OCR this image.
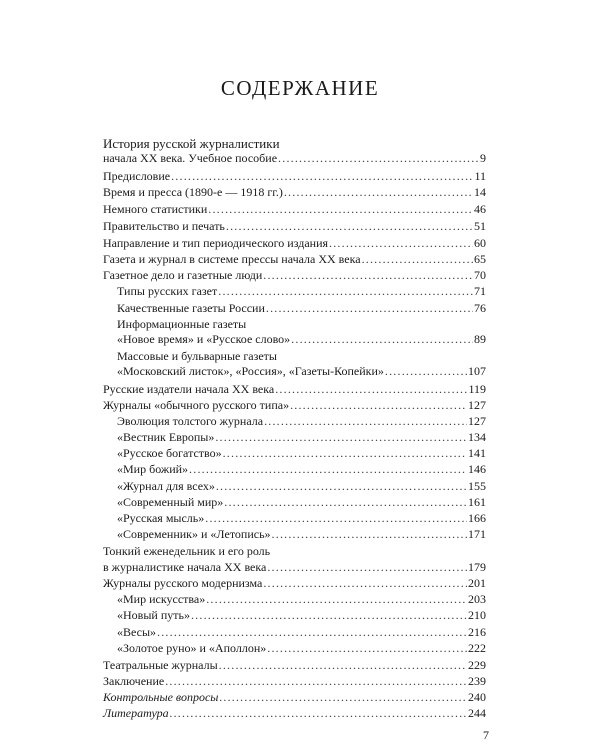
СОДЕРЖАНИЕ
История русской журналистики
начала XX века. Учебное пособие .....	9
Предисловие .....	11
Время и пресса (1890-е — 1918 гг.) .....	14
Немного статистики .....	46
Правительство и печать .....	51
Направление и тип периодического издания .....	60
Газета и журнал в системе прессы начала XX века .....	65
Газетное дело и газетные люди .....	70
Типы русских газет .....	71
Качественные газеты России .....	76
Информационные газеты
«Новое время» и «Русское слово» .....	89
Массовые и бульварные газеты
«Московский листок», «Россия», «Газеты-Копейки» .....	107
Русские издатели начала XX века .....	119
Журналы «обычного русского типа» .....	127
Эволюция толстого журнала .....	127
«Вестник Европы» .....	134
«Русское богатство» .....	141
«Мир божий» .....	146
«Журнал для всех» .....	155
«Современный мир» .....	161
«Русская мысль» .....	166
«Современник» и «Летопись» .....	171
Тонкий еженедельник и его роль
в журналистике начала XX века .....	179
Журналы русского модернизма .....	201
«Мир искусства» .....	203
«Новый путь» .....	210
«Весы» .....	216
«Золотое руно» и «Аполлон» .....	222
Театральные журналы .....	229
Заключение .....	239
Контрольные вопросы .....	240
Литература .....	244
7
